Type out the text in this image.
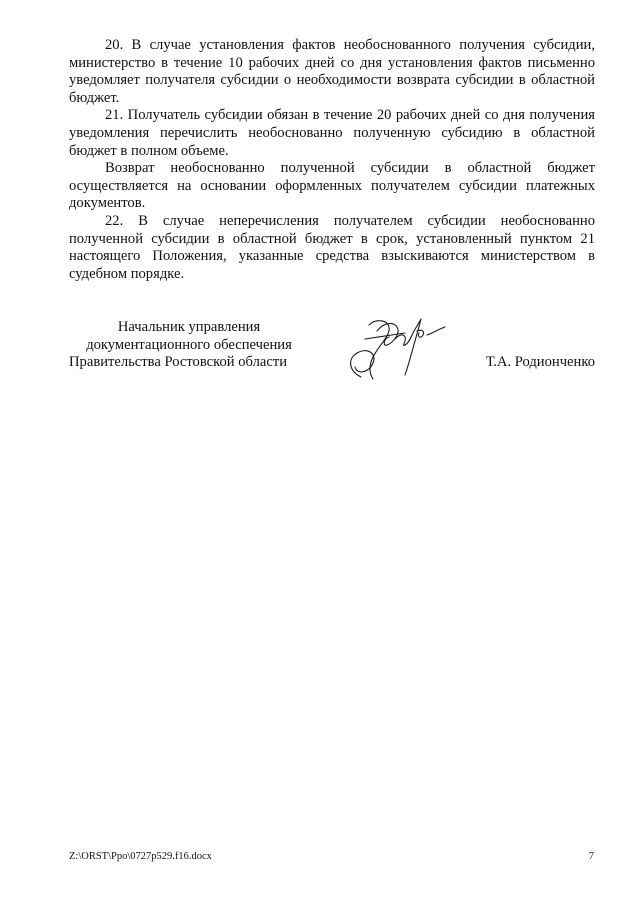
20. В случае установления фактов необоснованного получения субсидии, министерство в течение 10 рабочих дней со дня установления фактов письменно уведомляет получателя субсидии о необходимости возврата субсидии в областной бюджет.

21. Получатель субсидии обязан в течение 20 рабочих дней со дня получения уведомления перечислить необоснованно полученную субсидию в областной бюджет в полном объеме.

Возврат необоснованно полученной субсидии в областной бюджет осуществляется на основании оформленных получателем субсидии платежных документов.

22. В случае неперечисления получателем субсидии необоснованно полученной субсидии в областной бюджет в срок, установленный пунктом 21 настоящего Положения, указанные средства взыскиваются министерством в судебном порядке.

Начальник управления
документационного обеспечения
Правительства Ростовской области	Т.А. Родионченко
Z:\ORST\Ppo\0727p529.f16.docx	7
